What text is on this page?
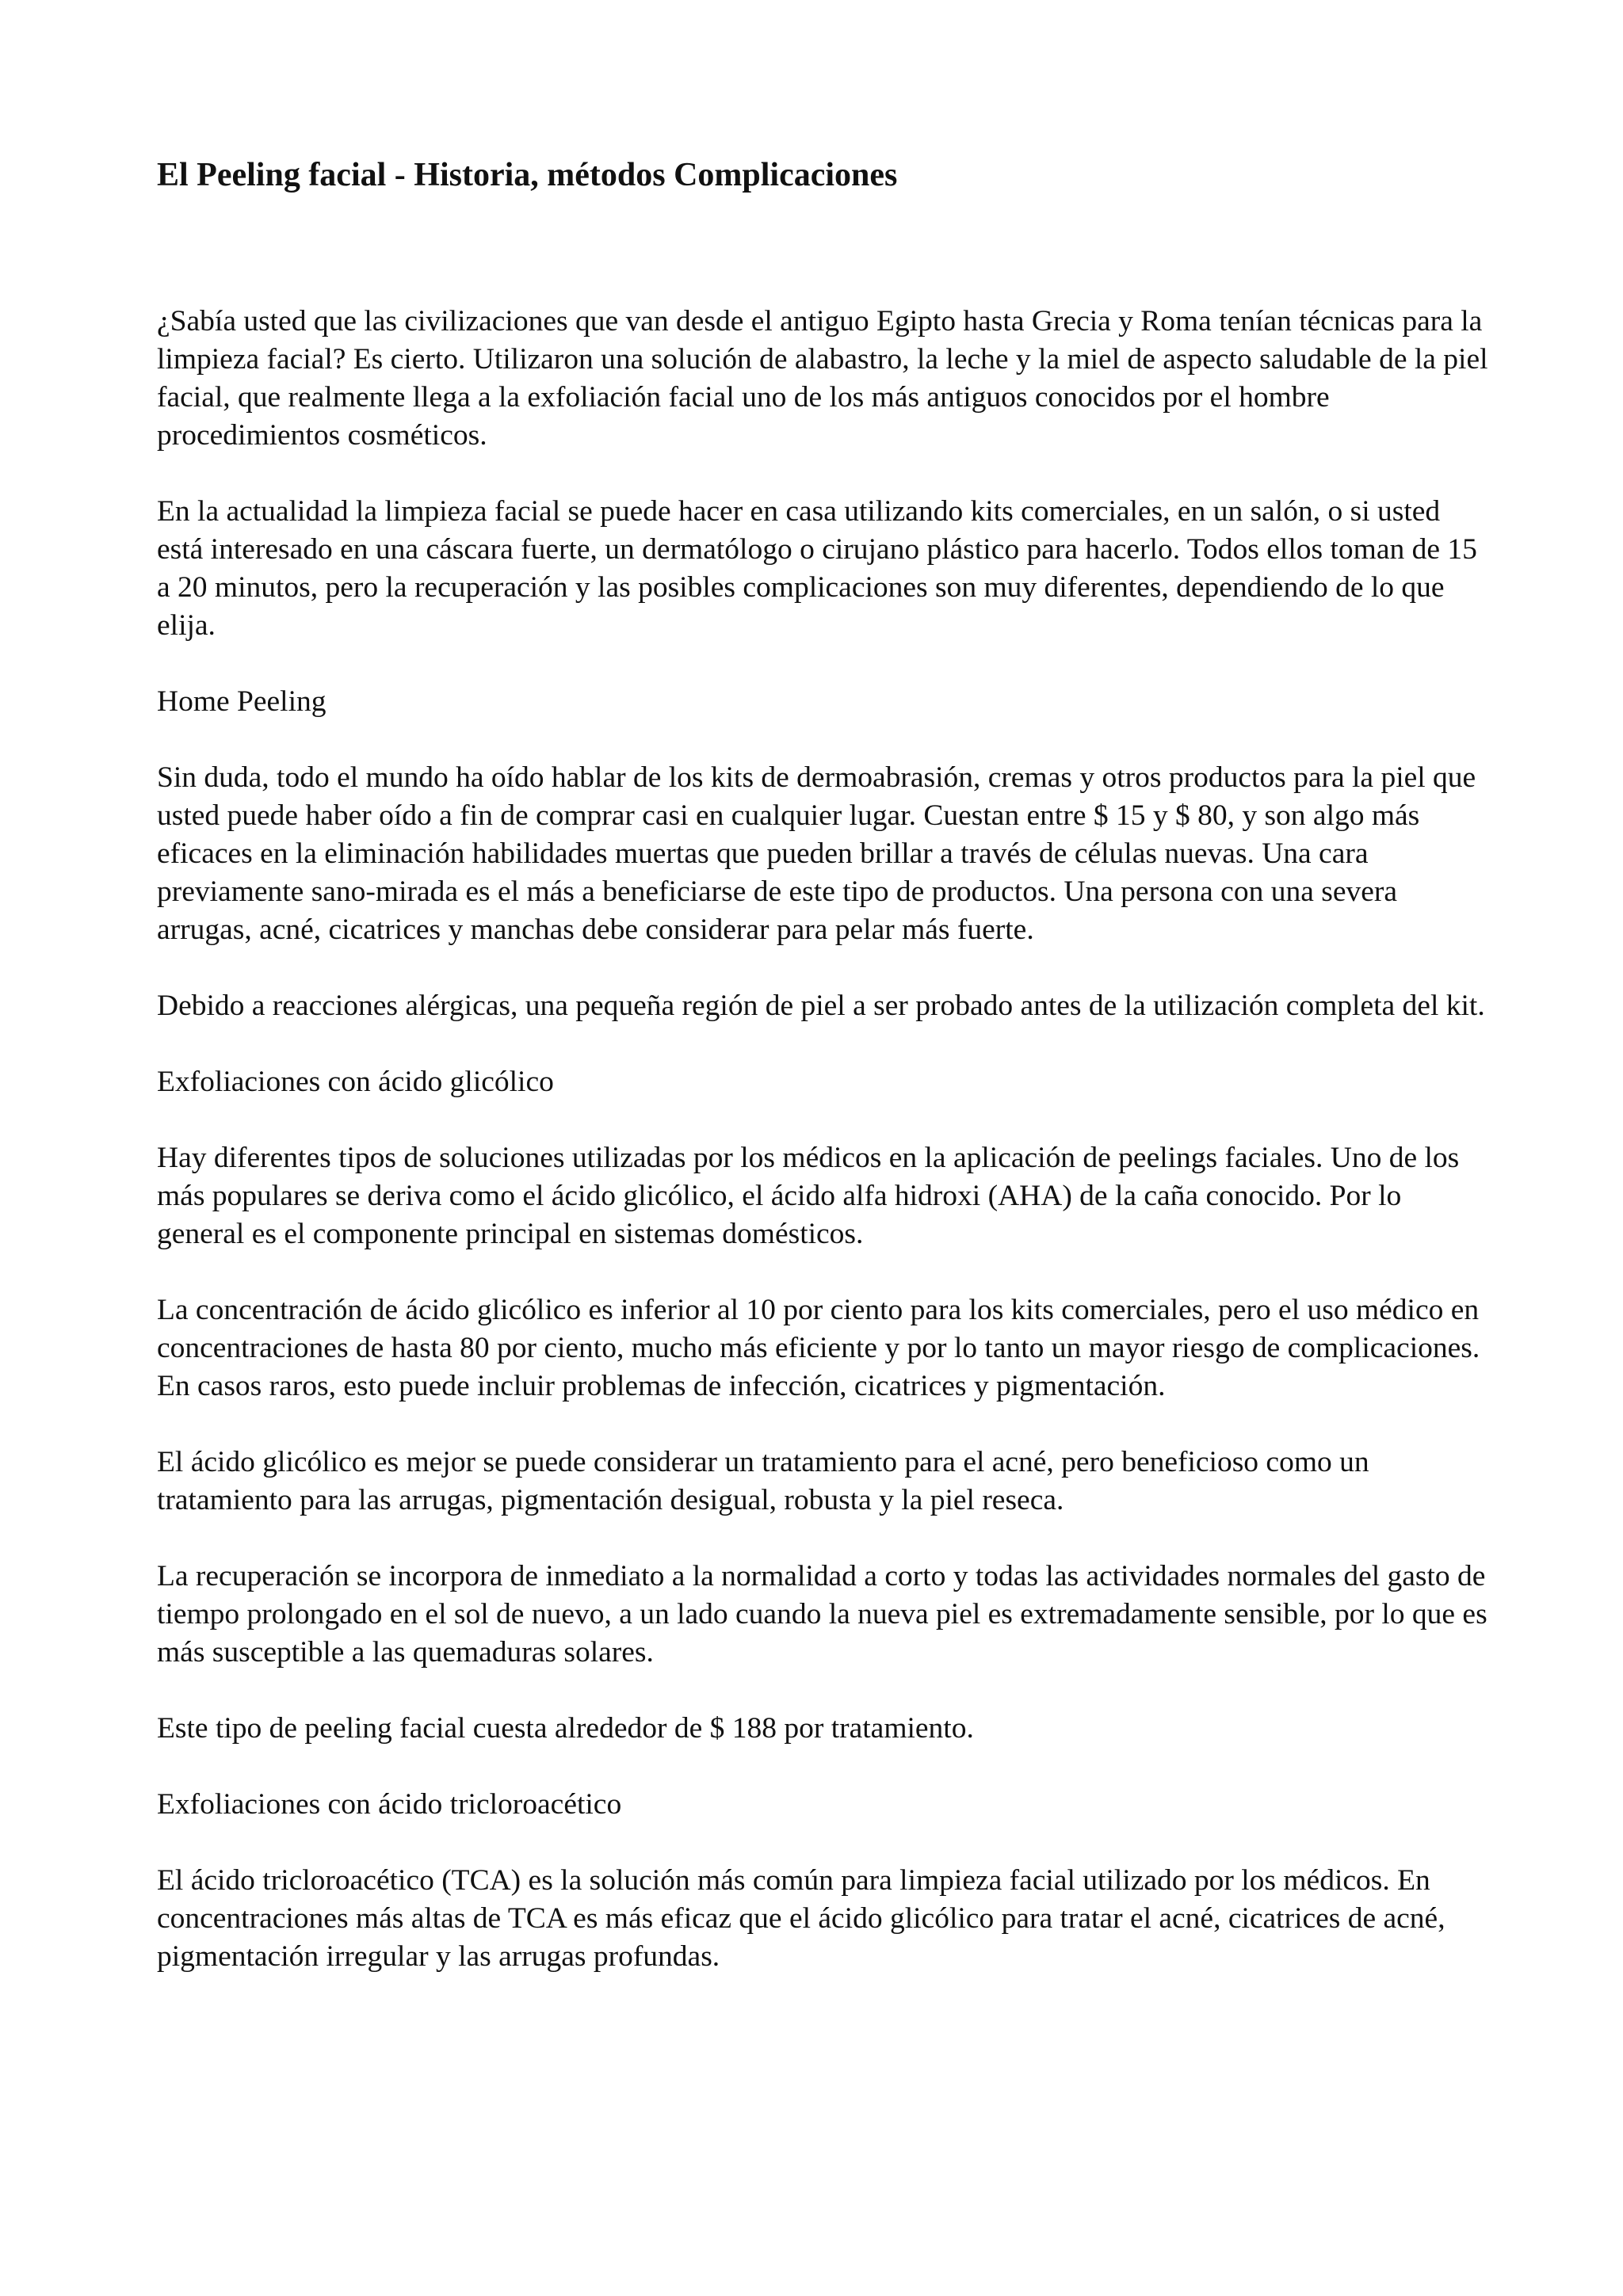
El Peeling facial - Historia, métodos Complicaciones

¿Sabía usted que las civilizaciones que van desde el antiguo Egipto hasta Grecia y Roma tenían técnicas para la limpieza facial? Es cierto. Utilizaron una solución de alabastro, la leche y la miel de aspecto saludable de la piel facial, que realmente llega a la exfoliación facial uno de los más antiguos conocidos por el hombre procedimientos cosméticos.

En la actualidad la limpieza facial se puede hacer en casa utilizando kits comerciales, en un salón, o si usted está interesado en una cáscara fuerte, un dermatólogo o cirujano plástico para hacerlo. Todos ellos toman de 15 a 20 minutos, pero la recuperación y las posibles complicaciones son muy diferentes, dependiendo de lo que elija.

Home Peeling

Sin duda, todo el mundo ha oído hablar de los kits de dermoabrasión, cremas y otros productos para la piel que usted puede haber oído a fin de comprar casi en cualquier lugar. Cuestan entre $ 15 y $ 80, y son algo más eficaces en la eliminación habilidades muertas que pueden brillar a través de células nuevas. Una cara previamente sano-mirada es el más a beneficiarse de este tipo de productos. Una persona con una severa arrugas, acné, cicatrices y manchas debe considerar para pelar más fuerte.

Debido a reacciones alérgicas, una pequeña región de piel a ser probado antes de la utilización completa del kit.

Exfoliaciones con ácido glicólico

Hay diferentes tipos de soluciones utilizadas por los médicos en la aplicación de peelings faciales. Uno de los más populares se deriva como el ácido glicólico, el ácido alfa hidroxi (AHA) de la caña conocido. Por lo general es el componente principal en sistemas domésticos.

La concentración de ácido glicólico es inferior al 10 por ciento para los kits comerciales, pero el uso médico en concentraciones de hasta 80 por ciento, mucho más eficiente y por lo tanto un mayor riesgo de complicaciones. En casos raros, esto puede incluir problemas de infección, cicatrices y pigmentación.

El ácido glicólico es mejor se puede considerar un tratamiento para el acné, pero beneficioso como un tratamiento para las arrugas, pigmentación desigual, robusta y la piel reseca.

La recuperación se incorpora de inmediato a la normalidad a corto y todas las actividades normales del gasto de tiempo prolongado en el sol de nuevo, a un lado cuando la nueva piel es extremadamente sensible, por lo que es más susceptible a las quemaduras solares.

Este tipo de peeling facial cuesta alrededor de $ 188 por tratamiento.

Exfoliaciones con ácido tricloroacético

El ácido tricloroacético (TCA) es la solución más común para limpieza facial utilizado por los médicos. En concentraciones más altas de TCA es más eficaz que el ácido glicólico para tratar el acné, cicatrices de acné, pigmentación irregular y las arrugas profundas.
